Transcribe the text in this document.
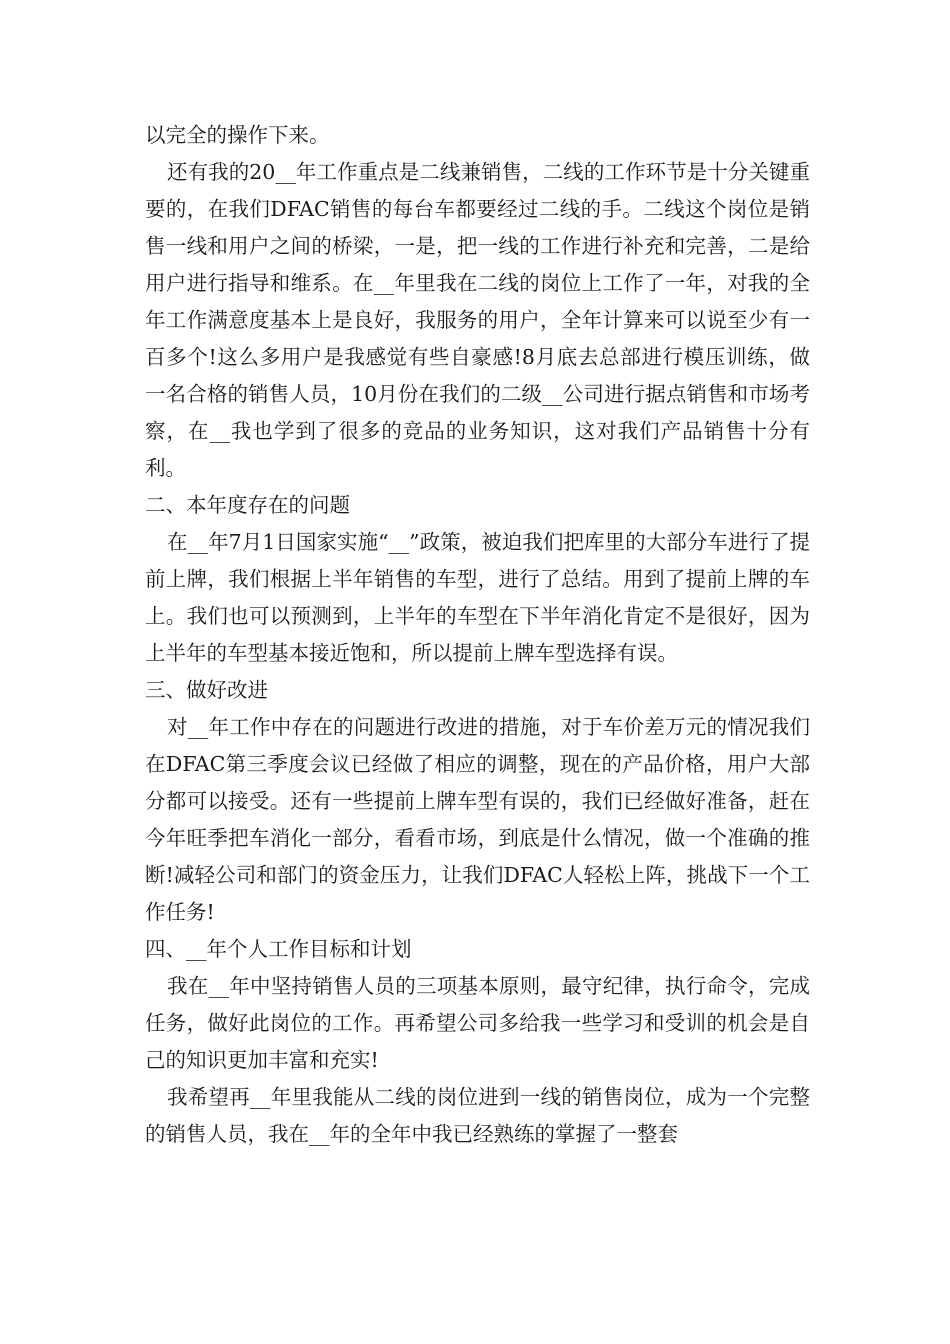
以完全的操作下来。

还有我的20__年工作重点是二线兼销售，二线的工作环节是十分关键重要的，在我们DFAC销售的每台车都要经过二线的手。二线这个岗位是销售一线和用户之间的桥梁，一是，把一线的工作进行补充和完善，二是给用户进行指导和维系。在__年里我在二线的岗位上工作了一年，对我的全年工作满意度基本上是良好，我服务的用户，全年计算来可以说至少有一百多个!这么多用户是我感觉有些自豪感!8月底去总部进行模压训练，做一名合格的销售人员，10月份在我们的二级__公司进行据点销售和市场考察，在__我也学到了很多的竞品的业务知识，这对我们产品销售十分有利。

二、本年度存在的问题

在__年7月1日国家实施“__”政策，被迫我们把库里的大部分车进行了提前上牌，我们根据上半年销售的车型，进行了总结。用到了提前上牌的车上。我们也可以预测到，上半年的车型在下半年消化肯定不是很好，因为上半年的车型基本接近饱和，所以提前上牌车型选择有误。

三、做好改进

对__年工作中存在的问题进行改进的措施，对于车价差万元的情况我们在DFAC第三季度会议已经做了相应的调整，现在的产品价格，用户大部分都可以接受。还有一些提前上牌车型有误的，我们已经做好准备，赶在今年旺季把车消化一部分，看看市场，到底是什么情况，做一个准确的推断!减轻公司和部门的资金压力，让我们DFAC人轻松上阵，挑战下一个工作任务!

四、__年个人工作目标和计划

我在__年中坚持销售人员的三项基本原则，最守纪律，执行命令，完成任务，做好此岗位的工作。再希望公司多给我一些学习和受训的机会是自己的知识更加丰富和充实!

我希望再__年里我能从二线的岗位进到一线的销售岗位，成为一个完整的销售人员，我在__年的全年中我已经熟练的掌握了一整套
